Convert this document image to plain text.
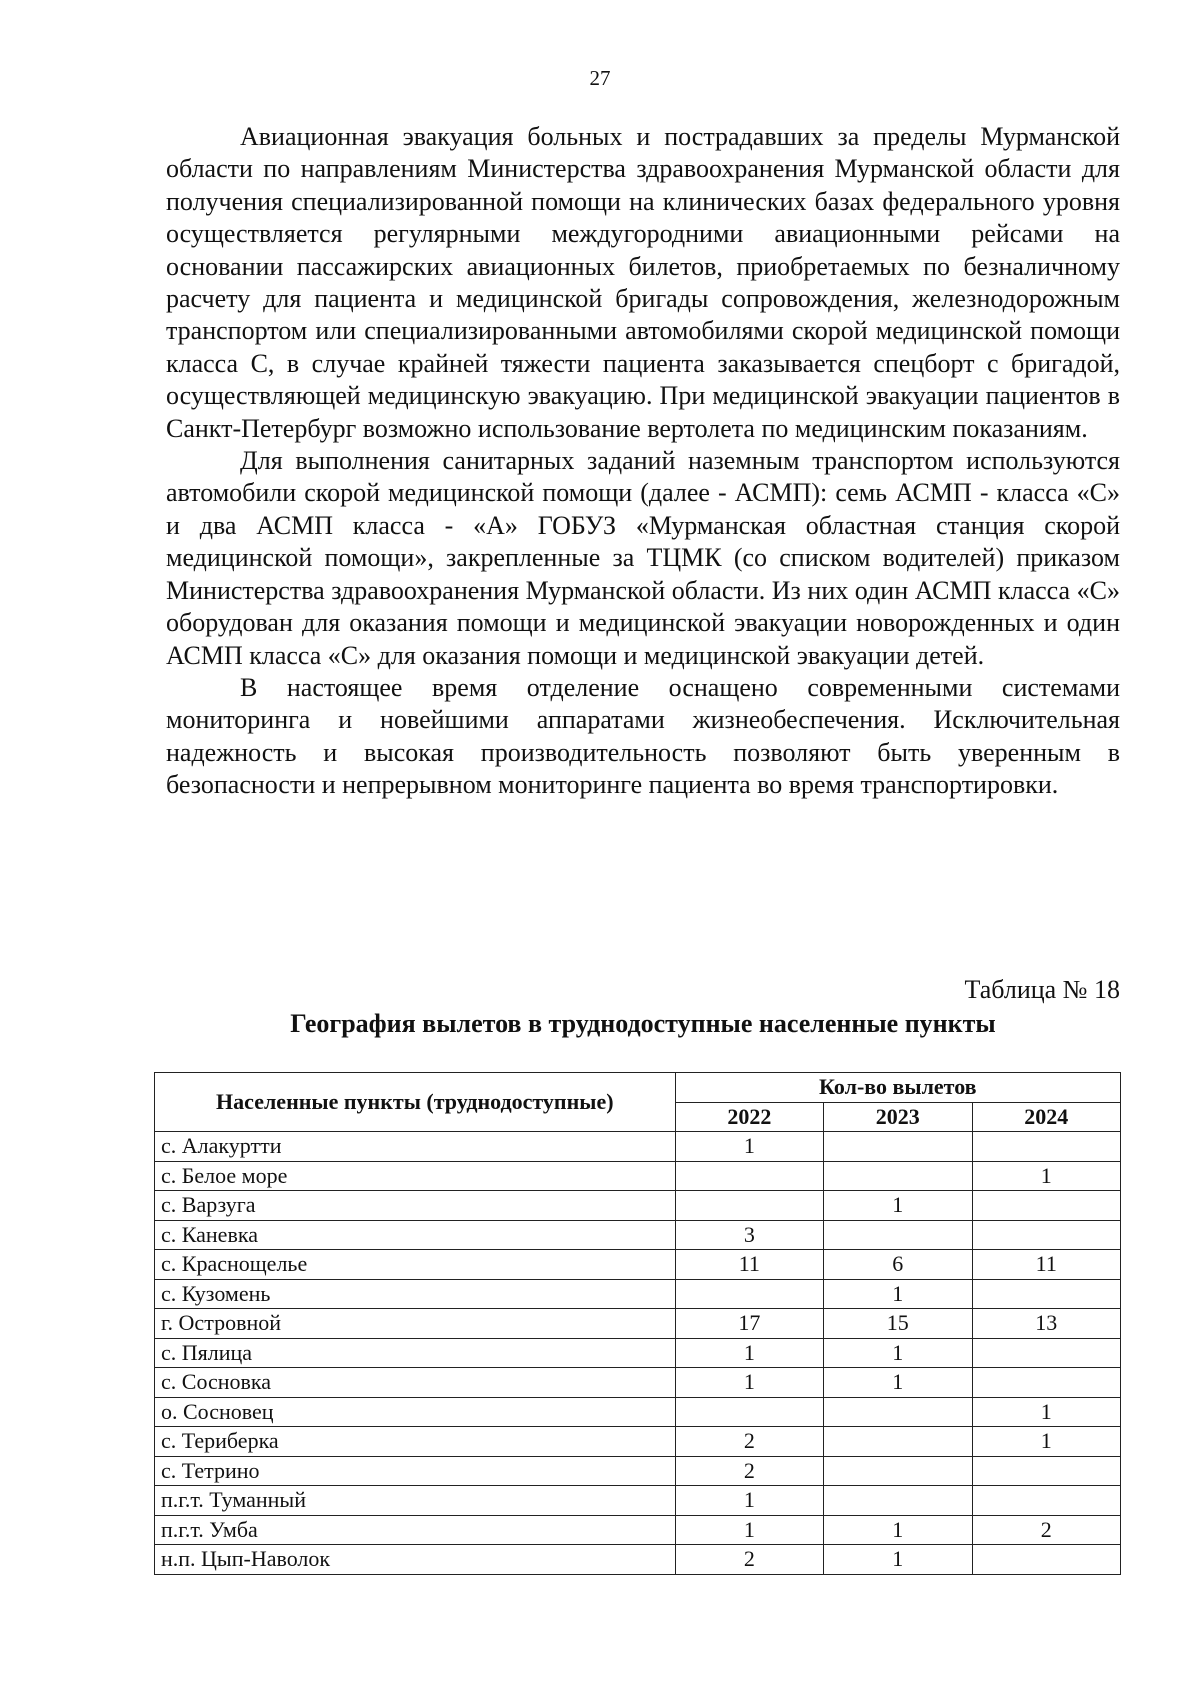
27

Авиационная эвакуация больных и пострадавших за пределы Мурманской области по направлениям Министерства здравоохранения Мурманской области для получения специализированной помощи на клинических базах федерального уровня осуществляется регулярными междугородними авиационными рейсами на основании пассажирских авиационных билетов, приобретаемых по безналичному расчету для пациента и медицинской бригады сопровождения, железнодорожным транспортом или специализированными автомобилями скорой медицинской помощи класса С, в случае крайней тяжести пациента заказывается спецборт с бригадой, осуществляющей медицинскую эвакуацию. При медицинской эвакуации пациентов в Санкт-Петербург возможно использование вертолета по медицинским показаниям.

Для выполнения санитарных заданий наземным транспортом используются автомобили скорой медицинской помощи (далее - АСМП): семь АСМП - класса «С» и два АСМП класса - «А» ГОБУЗ «Мурманская областная станция скорой медицинской помощи», закрепленные за ТЦМК (со списком водителей) приказом Министерства здравоохранения Мурманской области. Из них один АСМП класса «С» оборудован для оказания помощи и медицинской эвакуации новорожденных и один АСМП класса «С» для оказания помощи и медицинской эвакуации детей.

В настоящее время отделение оснащено современными системами мониторинга и новейшими аппаратами жизнеобеспечения. Исключительная надежность и высокая производительность позволяют быть уверенным в безопасности и непрерывном мониторинге пациента во время транспортировки.

Таблица № 18
География вылетов в труднодоступные населенные пункты
Населенные пункты (труднодоступные)	Кол-во вылетов		
	2022	2023	2024
с. Алакуртти	1		
с. Белое море			1
с. Варзуга		1	
с. Каневка	3		
с. Краснощелье	11	6	11
с. Кузомень		1	
г. Островной	17	15	13
с. Пялица	1	1	
с. Сосновка	1	1	
о. Сосновец			1
с. Териберка	2		1
с. Тетрино	2		
п.г.т. Туманный	1		
п.г.т. Умба	1	1	2
н.п. Цып-Наволок	2	1	
